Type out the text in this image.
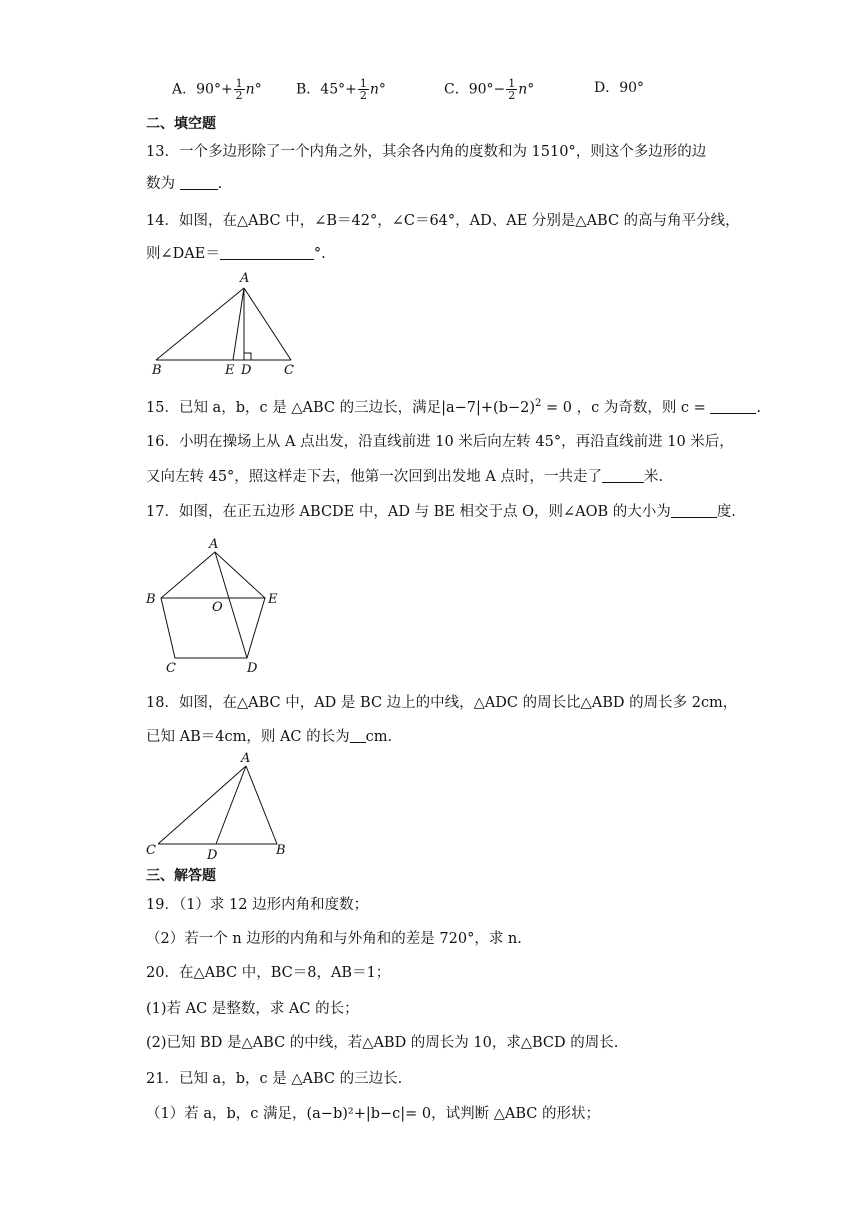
A．$90^\circ+ \frac{1}{2} n^\circ$ B．$45^\circ+ \frac{1}{2} n^\circ$	C．$90^\circ- \frac{1}{2} n^\circ$	D．90°
二、填空题
13．一个多边形除了一个内角之外，其余各内角的度数和为 1510°，则这个多边形的边
数为	.
14．如图，在△ABC 中，∠B＝42°，∠C＝64°，AD、AE 分别是△ABC 的高与角平分线，
则∠DAE＝	°.
A
B	E D	C
15．已知 a，b，c 是 △ABC 的三边长，满足$|a-7|+(b-2)^2 = 0$ ，c 为奇数，则 c =	.
16．小明在操场上从 A 点出发，沿直线前进 10 米后向左转 45°，再沿直线前进 10 米后，
又向左转 45°，照这样走下去，他第一次回到出发地 A 点时，一共走了	米.
17．如图，在正五边形 ABCDE 中，AD 与 BE 相交于点 O，则∠AOB 的大小为	度.
A
B
O
E
C	D
18．如图，在△ABC 中，AD 是 BC 边上的中线，△ADC 的周长比△ABD 的周长多 2cm，
已知 AB＝4cm，则 AC 的长为 cm.
A
C	D	B
三、解答题
19．（1）求 12 边形内角和度数；
（2）若一个 n 边形的内角和与外角和的差是 720°，求 n.
20．在△ABC 中，BC＝8，AB＝1；
(1)若 AC 是整数，求 AC 的长；
(2)已知 BD 是△ABC 的中线，若△ABD 的周长为 10，求△BCD 的周长.
21．已知 a，b，c 是 △ABC 的三边长.
（1）若 a，b，c 满足，(a−b)²+|b−c|= 0，试判断 △ABC 的形状；
